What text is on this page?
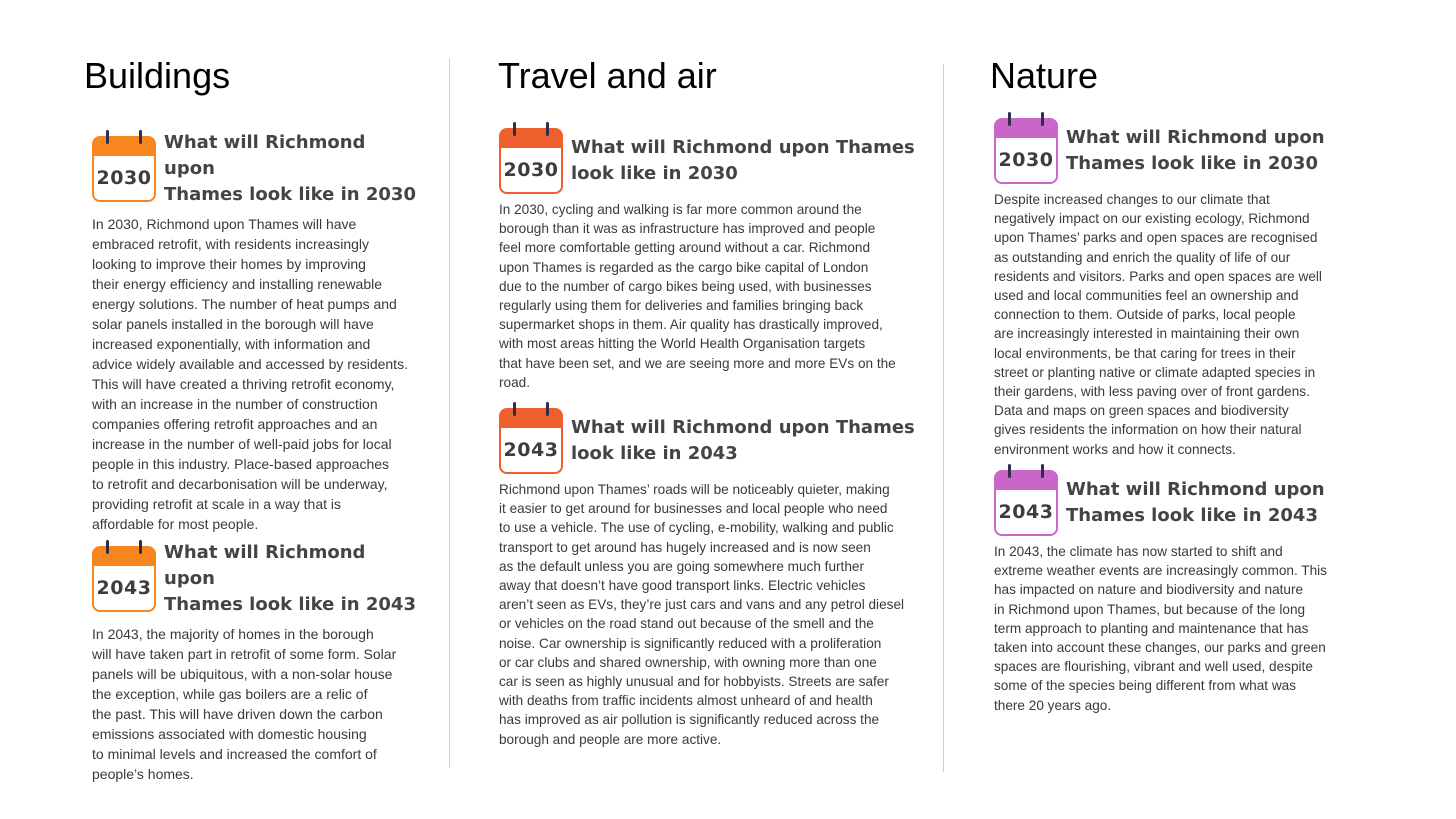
Buildings
2030
What will Richmond upon
Thames look like in 2030
In 2030, Richmond upon Thames will have
embraced retrofit, with residents increasingly
looking to improve their homes by improving
their energy efficiency and installing renewable
energy solutions. The number of heat pumps and
solar panels installed in the borough will have
increased exponentially, with information and
advice widely available and accessed by residents.
This will have created a thriving retrofit economy,
with an increase in the number of construction
companies offering retrofit approaches and an
increase in the number of well-paid jobs for local
people in this industry. Place-based approaches
to retrofit and decarbonisation will be underway,
providing retrofit at scale in a way that is
affordable for most people.
2043
What will Richmond upon
Thames look like in 2043
In 2043, the majority of homes in the borough
will have taken part in retrofit of some form. Solar
panels will be ubiquitous, with a non-solar house
the exception, while gas boilers are a relic of
the past. This will have driven down the carbon
emissions associated with domestic housing
to minimal levels and increased the comfort of
people’s homes.
Travel and air
2030
What will Richmond upon Thames
look like in 2030
In 2030, cycling and walking is far more common around the
borough than it was as infrastructure has improved and people
feel more comfortable getting around without a car. Richmond
upon Thames is regarded as the cargo bike capital of London
due to the number of cargo bikes being used, with businesses
regularly using them for deliveries and families bringing back
supermarket shops in them. Air quality has drastically improved,
with most areas hitting the World Health Organisation targets
that have been set, and we are seeing more and more EVs on the
road.
2043
What will Richmond upon Thames
look like in 2043
Richmond upon Thames’ roads will be noticeably quieter, making
it easier to get around for businesses and local people who need
to use a vehicle. The use of cycling, e-mobility, walking and public
transport to get around has hugely increased and is now seen
as the default unless you are going somewhere much further
away that doesn’t have good transport links. Electric vehicles
aren’t seen as EVs, they’re just cars and vans and any petrol diesel
or vehicles on the road stand out because of the smell and the
noise. Car ownership is significantly reduced with a proliferation
or car clubs and shared ownership, with owning more than one
car is seen as highly unusual and for hobbyists. Streets are safer
with deaths from traffic incidents almost unheard of and health
has improved as air pollution is significantly reduced across the
borough and people are more active.
Nature
2030
What will Richmond upon
Thames look like in 2030
Despite increased changes to our climate that
negatively impact on our existing ecology, Richmond
upon Thames’ parks and open spaces are recognised
as outstanding and enrich the quality of life of our
residents and visitors. Parks and open spaces are well
used and local communities feel an ownership and
connection to them. Outside of parks, local people
are increasingly interested in maintaining their own
local environments, be that caring for trees in their
street or planting native or climate adapted species in
their gardens, with less paving over of front gardens.
Data and maps on green spaces and biodiversity
gives residents the information on how their natural
environment works and how it connects.
2043
What will Richmond upon
Thames look like in 2043
In 2043, the climate has now started to shift and
extreme weather events are increasingly common. This
has impacted on nature and biodiversity and nature
in Richmond upon Thames, but because of the long
term approach to planting and maintenance that has
taken into account these changes, our parks and green
spaces are flourishing, vibrant and well used, despite
some of the species being different from what was
there 20 years ago.
